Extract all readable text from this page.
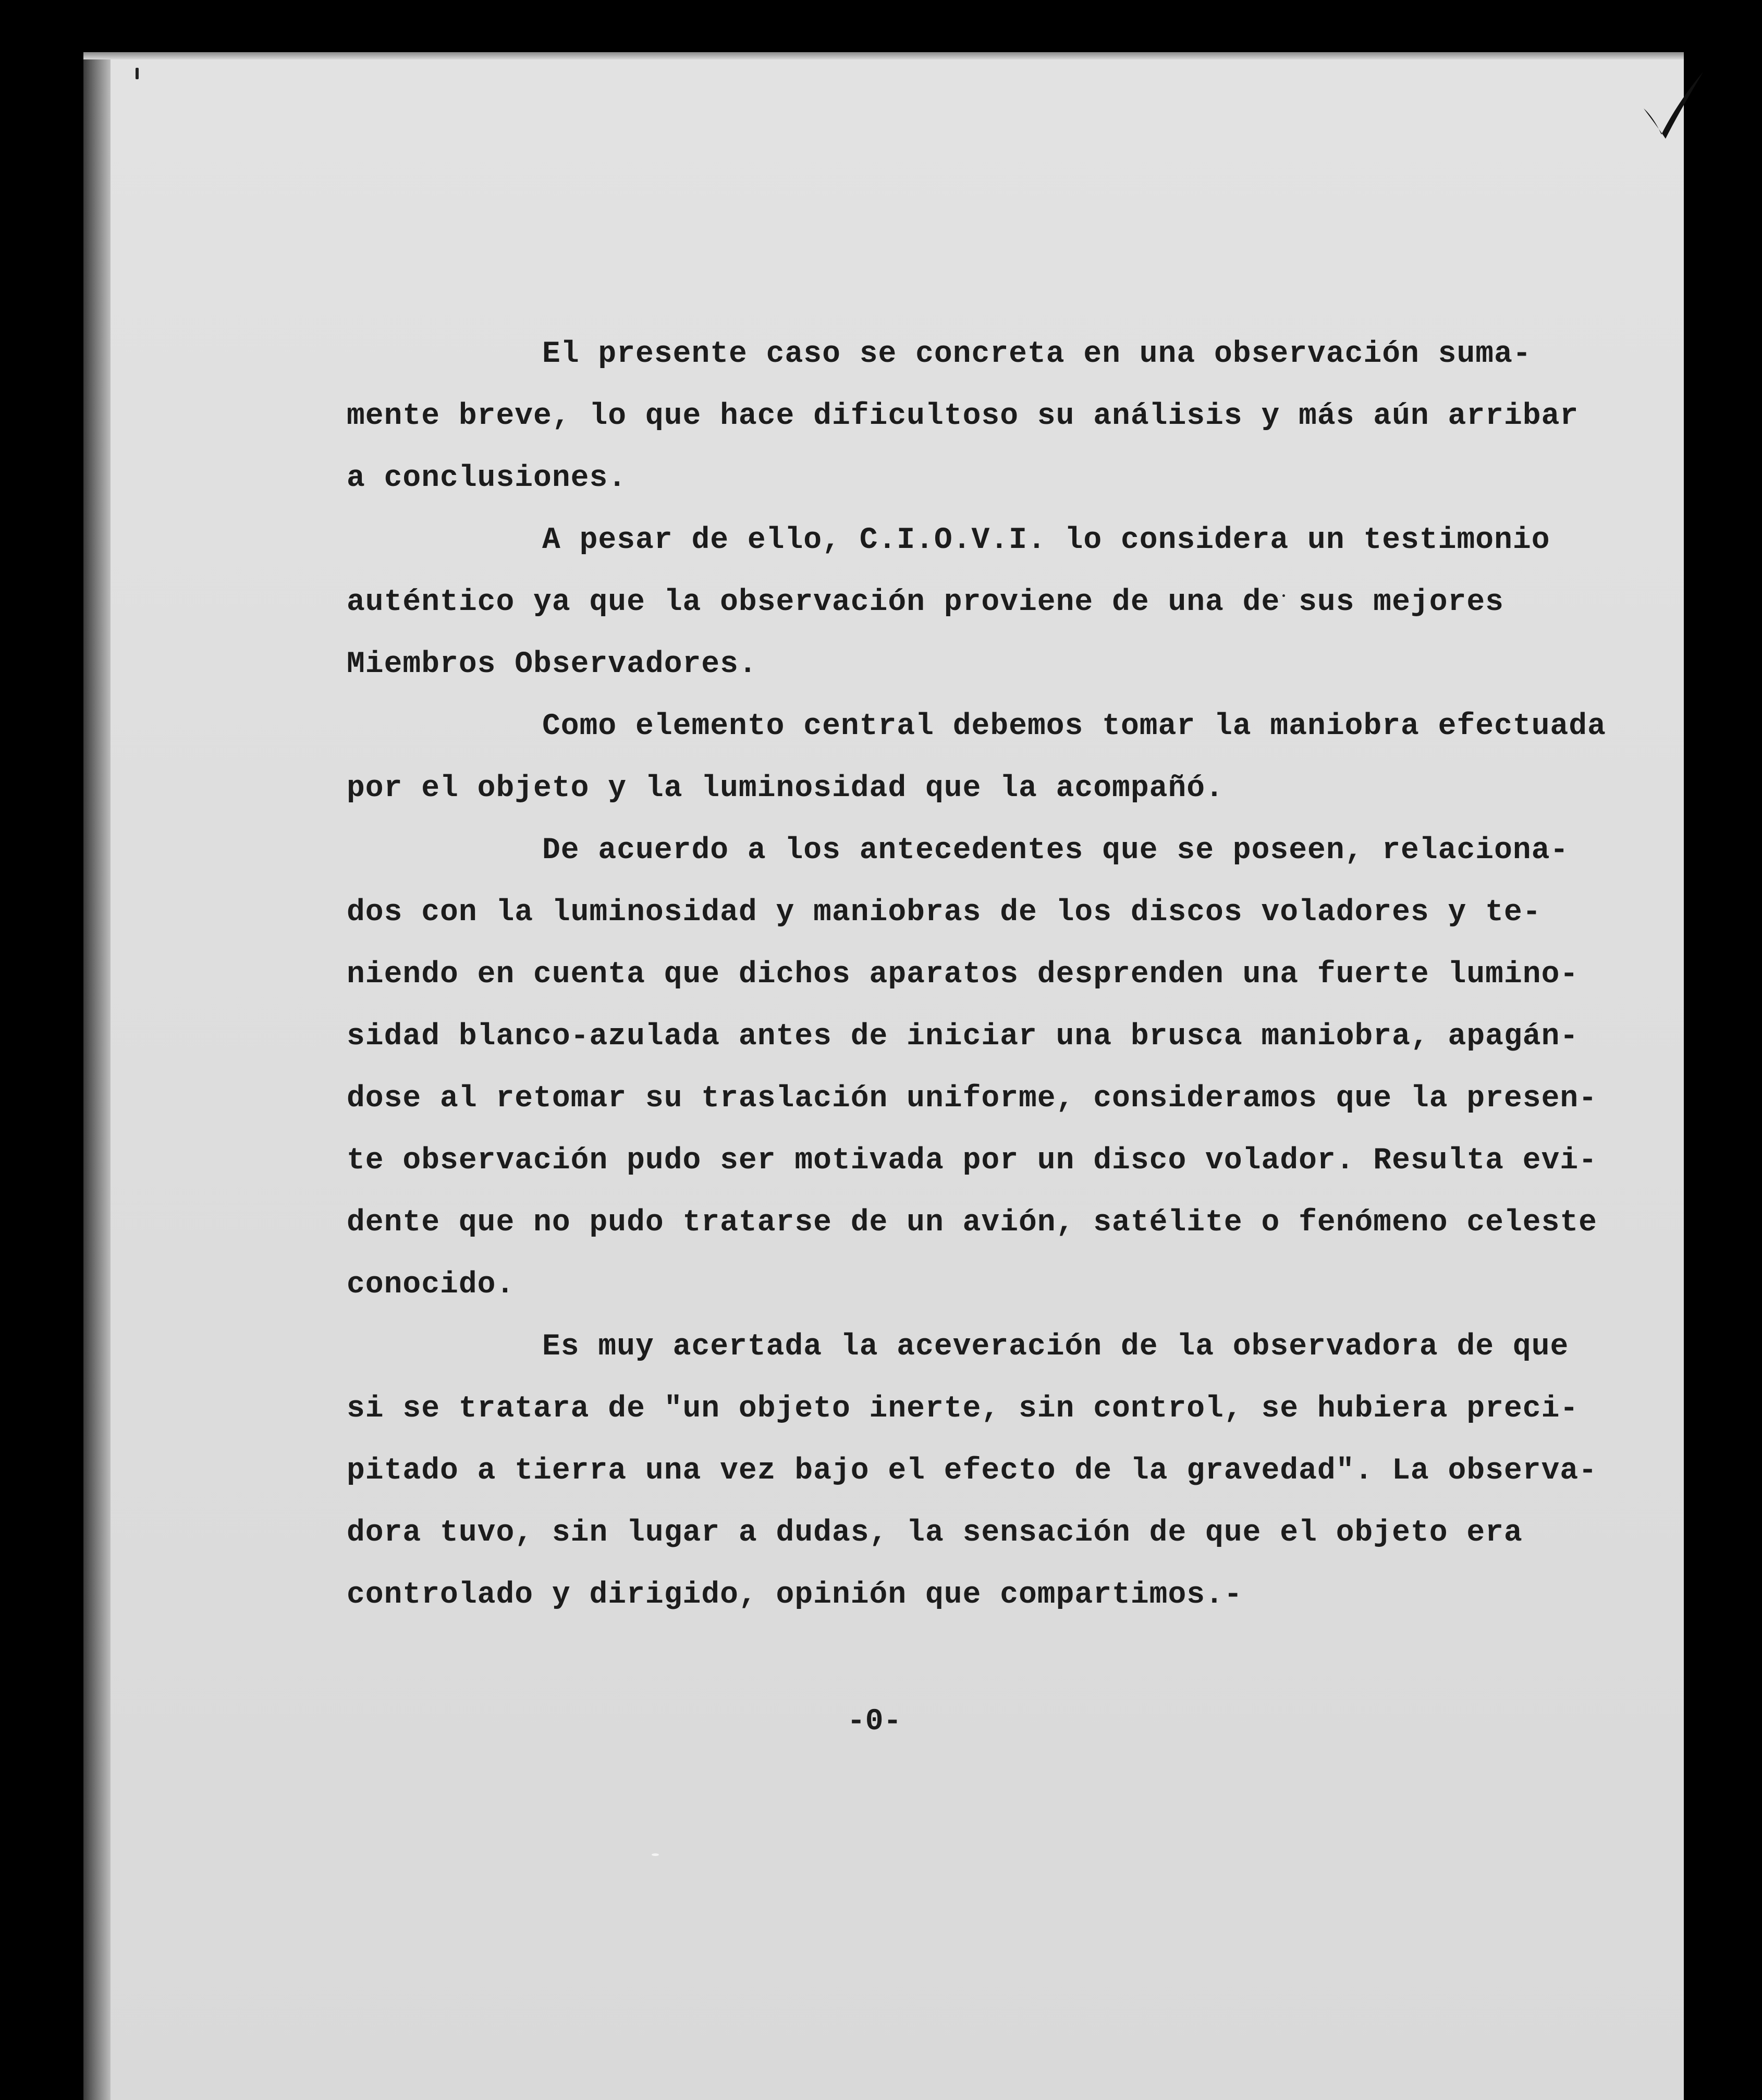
El presente caso se concreta en una observación suma-
mente breve, lo que hace dificultoso su análisis y más aún arribar
a conclusiones.
A pesar de ello, C.I.O.V.I. lo considera un testimonio
auténtico ya que la observación proviene de una de sus mejores
Miembros Observadores.
Como elemento central debemos tomar la maniobra efectuada
por el objeto y la luminosidad que la acompañó.
De acuerdo a los antecedentes que se poseen, relaciona-
dos con la luminosidad y maniobras de los discos voladores y te-
niendo en cuenta que dichos aparatos desprenden una fuerte lumino-
sidad blanco-azulada antes de iniciar una brusca maniobra, apagán-
dose al retomar su traslación uniforme, consideramos que la presen-
te observación pudo ser motivada por un disco volador. Resulta evi-
dente que no pudo tratarse de un avión, satélite o fenómeno celeste
conocido.
Es muy acertada la aceveración de la observadora de que
si se tratara de "un objeto inerte, sin control, se hubiera preci-
pitado a tierra una vez bajo el efecto de la gravedad". La observa-
dora tuvo, sin lugar a dudas, la sensación de que el objeto era
controlado y dirigido, opinión que compartimos.-
-0-
